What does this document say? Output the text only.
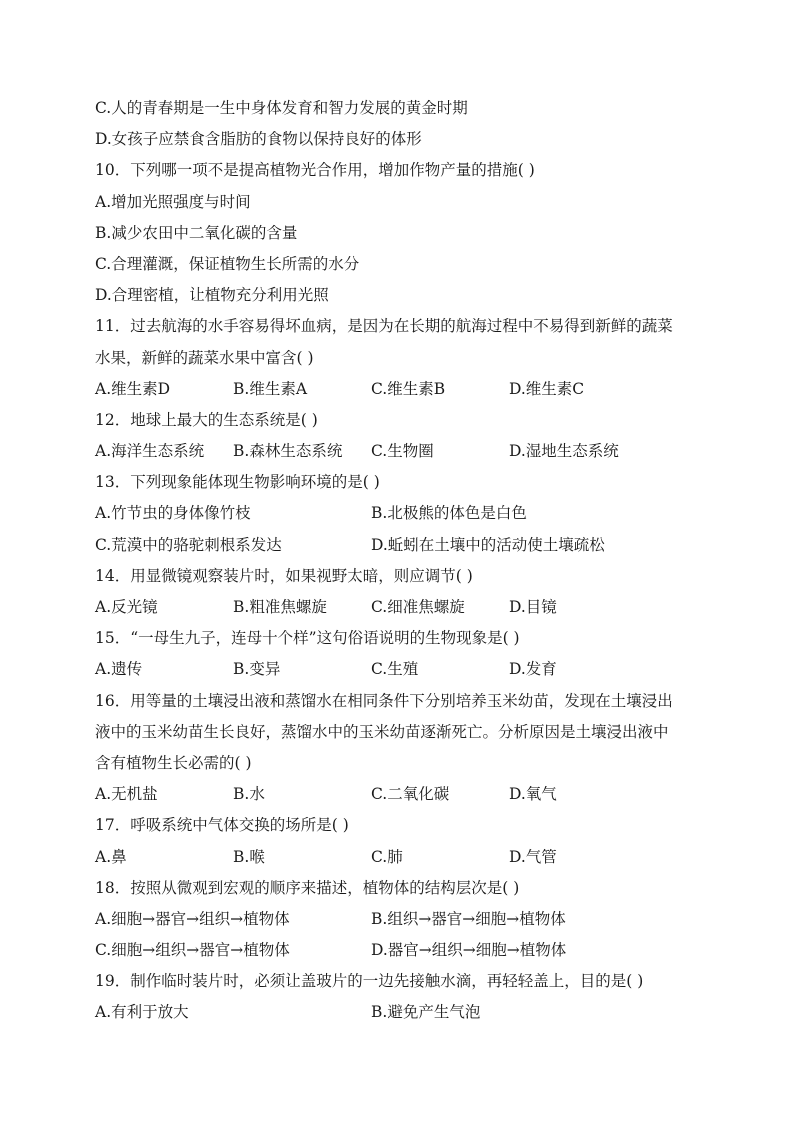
C.人的青春期是一生中身体发育和智力发展的黄金时期
D.女孩子应禁食含脂肪的食物以保持良好的体形
10．下列哪一项不是提高植物光合作用，增加作物产量的措施( )
A.增加光照强度与时间
B.减少农田中二氧化碳的含量
C.合理灌溉，保证植物生长所需的水分
D.合理密植，让植物充分利用光照
11．过去航海的水手容易得坏血病，是因为在长期的航海过程中不易得到新鲜的蔬菜
水果，新鲜的蔬菜水果中富含( )
A.维生素D	B.维生素A	C.维生素B	D.维生素C
12．地球上最大的生态系统是( )
A.海洋生态系统	B.森林生态系统	C.生物圈	D.湿地生态系统
13．下列现象能体现生物影响环境的是( )
A.竹节虫的身体像竹枝	B.北极熊的体色是白色
C.荒漠中的骆驼刺根系发达	D.蚯蚓在土壤中的活动使土壤疏松
14．用显微镜观察装片时，如果视野太暗，则应调节( )
A.反光镜	B.粗准焦螺旋	C.细准焦螺旋	D.目镜
15．“一母生九子，连母十个样”这句俗语说明的生物现象是( )
A.遗传	B.变异	C.生殖	D.发育
16．用等量的土壤浸出液和蒸馏水在相同条件下分别培养玉米幼苗，发现在土壤浸出
液中的玉米幼苗生长良好，蒸馏水中的玉米幼苗逐渐死亡。分析原因是土壤浸出液中
含有植物生长必需的( )
A.无机盐	B.水	C.二氧化碳	D.氧气
17．呼吸系统中气体交换的场所是( )
A.鼻	B.喉	C.肺	D.气管
18．按照从微观到宏观的顺序来描述，植物体的结构层次是( )
A.细胞→器官→组织→植物体	B.组织→器官→细胞→植物体
C.细胞→组织→器官→植物体	D.器官→组织→细胞→植物体
19．制作临时装片时，必须让盖玻片的一边先接触水滴，再轻轻盖上，目的是( )
A.有利于放大	B.避免产生气泡
